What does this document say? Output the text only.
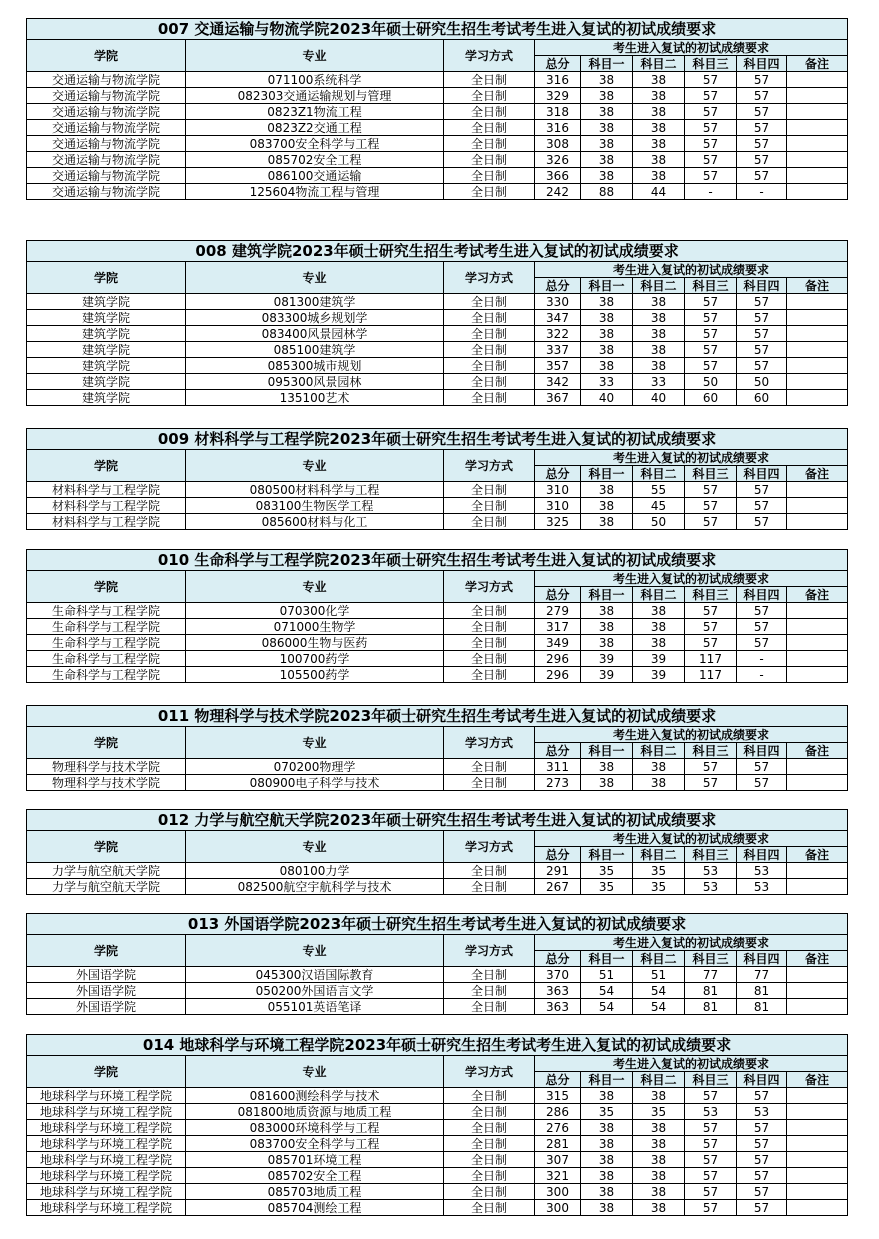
007 交通运输与物流学院2023年硕士研究生招生考试考生进入复试的初试成绩要求								
学院	专业	学习方式	考生进入复试的初试成绩要求					
			总分	科目一	科目二	科目三	科目四	备注
交通运输与物流学院	071100系统科学	全日制	316	38	38	57	57	
交通运输与物流学院	082303交通运输规划与管理	全日制	329	38	38	57	57	
交通运输与物流学院	0823Z1物流工程	全日制	318	38	38	57	57	
交通运输与物流学院	0823Z2交通工程	全日制	316	38	38	57	57	
交通运输与物流学院	083700安全科学与工程	全日制	308	38	38	57	57	
交通运输与物流学院	085702安全工程	全日制	326	38	38	57	57	
交通运输与物流学院	086100交通运输	全日制	366	38	38	57	57	
交通运输与物流学院	125604物流工程与管理	全日制	242	88	44	-	-	
008 建筑学院2023年硕士研究生招生考试考生进入复试的初试成绩要求								
学院	专业	学习方式	考生进入复试的初试成绩要求					
			总分	科目一	科目二	科目三	科目四	备注
建筑学院	081300建筑学	全日制	330	38	38	57	57	
建筑学院	083300城乡规划学	全日制	347	38	38	57	57	
建筑学院	083400风景园林学	全日制	322	38	38	57	57	
建筑学院	085100建筑学	全日制	337	38	38	57	57	
建筑学院	085300城市规划	全日制	357	38	38	57	57	
建筑学院	095300风景园林	全日制	342	33	33	50	50	
建筑学院	135100艺术	全日制	367	40	40	60	60	
009 材料科学与工程学院2023年硕士研究生招生考试考生进入复试的初试成绩要求								
学院	专业	学习方式	考生进入复试的初试成绩要求					
			总分	科目一	科目二	科目三	科目四	备注
材料科学与工程学院	080500材料科学与工程	全日制	310	38	55	57	57	
材料科学与工程学院	083100生物医学工程	全日制	310	38	45	57	57	
材料科学与工程学院	085600材料与化工	全日制	325	38	50	57	57	
010 生命科学与工程学院2023年硕士研究生招生考试考生进入复试的初试成绩要求								
学院	专业	学习方式	考生进入复试的初试成绩要求					
			总分	科目一	科目二	科目三	科目四	备注
生命科学与工程学院	070300化学	全日制	279	38	38	57	57	
生命科学与工程学院	071000生物学	全日制	317	38	38	57	57	
生命科学与工程学院	086000生物与医药	全日制	349	38	38	57	57	
生命科学与工程学院	100700药学	全日制	296	39	39	117	-	
生命科学与工程学院	105500药学	全日制	296	39	39	117	-	
011 物理科学与技术学院2023年硕士研究生招生考试考生进入复试的初试成绩要求								
学院	专业	学习方式	考生进入复试的初试成绩要求					
			总分	科目一	科目二	科目三	科目四	备注
物理科学与技术学院	070200物理学	全日制	311	38	38	57	57	
物理科学与技术学院	080900电子科学与技术	全日制	273	38	38	57	57	
012 力学与航空航天学院2023年硕士研究生招生考试考生进入复试的初试成绩要求								
学院	专业	学习方式	考生进入复试的初试成绩要求					
			总分	科目一	科目二	科目三	科目四	备注
力学与航空航天学院	080100力学	全日制	291	35	35	53	53	
力学与航空航天学院	082500航空宇航科学与技术	全日制	267	35	35	53	53	
013 外国语学院2023年硕士研究生招生考试考生进入复试的初试成绩要求								
学院	专业	学习方式	考生进入复试的初试成绩要求					
			总分	科目一	科目二	科目三	科目四	备注
外国语学院	045300汉语国际教育	全日制	370	51	51	77	77	
外国语学院	050200外国语言文学	全日制	363	54	54	81	81	
外国语学院	055101英语笔译	全日制	363	54	54	81	81	
014 地球科学与环境工程学院2023年硕士研究生招生考试考生进入复试的初试成绩要求								
学院	专业	学习方式	考生进入复试的初试成绩要求					
			总分	科目一	科目二	科目三	科目四	备注
地球科学与环境工程学院	081600测绘科学与技术	全日制	315	38	38	57	57	
地球科学与环境工程学院	081800地质资源与地质工程	全日制	286	35	35	53	53	
地球科学与环境工程学院	083000环境科学与工程	全日制	276	38	38	57	57	
地球科学与环境工程学院	083700安全科学与工程	全日制	281	38	38	57	57	
地球科学与环境工程学院	085701环境工程	全日制	307	38	38	57	57	
地球科学与环境工程学院	085702安全工程	全日制	321	38	38	57	57	
地球科学与环境工程学院	085703地质工程	全日制	300	38	38	57	57	
地球科学与环境工程学院	085704测绘工程	全日制	300	38	38	57	57	
